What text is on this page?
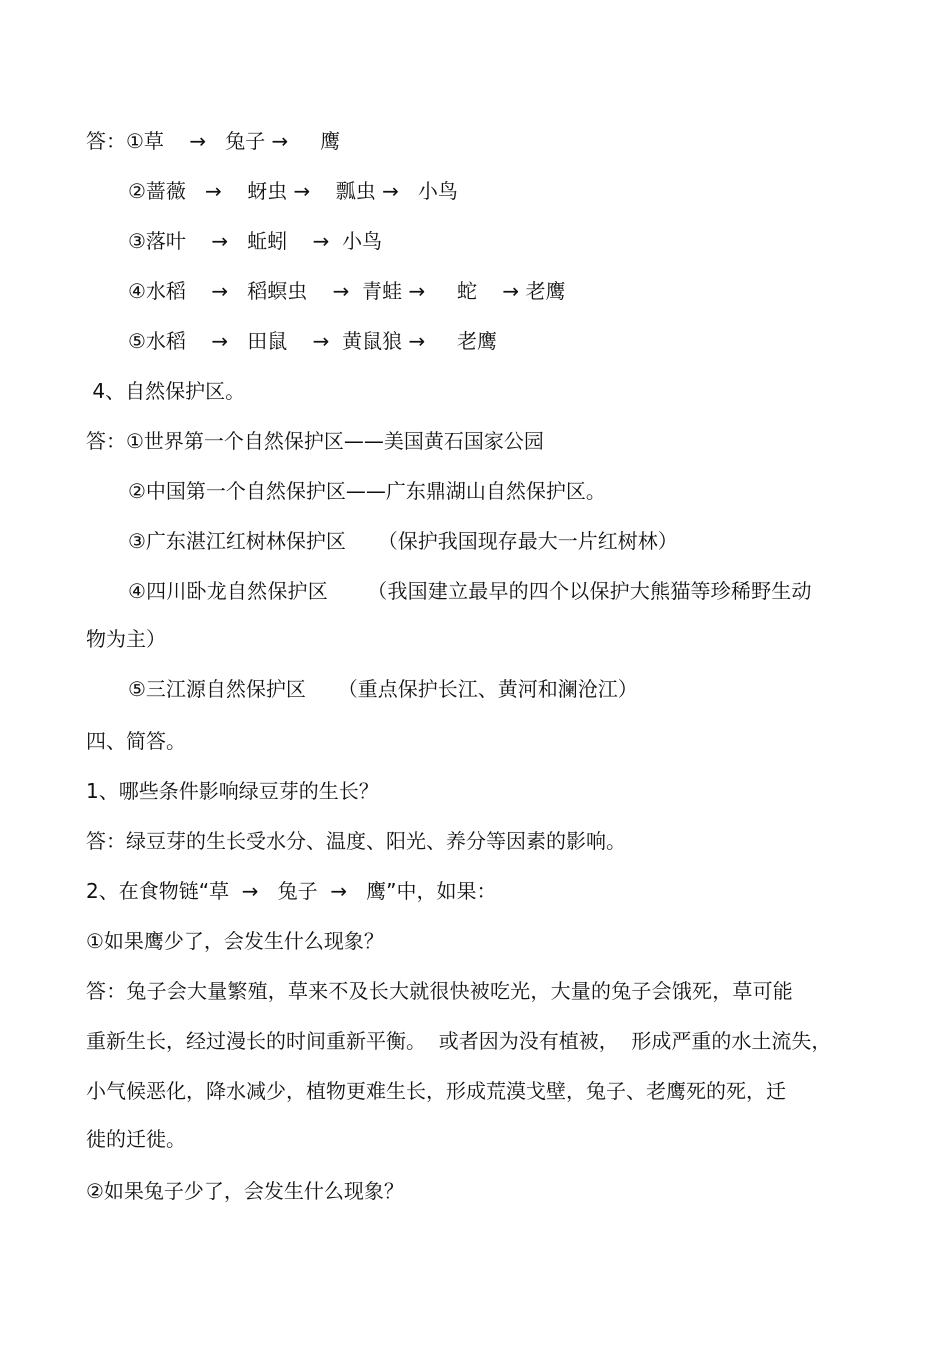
答：①草    →   兔子 →     鹰
②蔷薇   →    蚜虫 →    瓢虫 →   小鸟
③落叶    →   蚯蚓    →  小鸟
④水稻    →   稻螟虫    →  青蛙 →     蛇    → 老鹰
⑤水稻    →   田鼠    →  黄鼠狼 →     老鹰
4、自然保护区。
答：①世界第一个自然保护区——美国黄石国家公园
②中国第一个自然保护区——广东鼎湖山自然保护区。
③广东湛江红树林保护区     （保护我国现存最大一片红树林）
④四川卧龙自然保护区      （我国建立最早的四个以保护大熊猫等珍稀野生动
物为主）
⑤三江源自然保护区     （重点保护长江、黄河和澜沧江）
四、简答。
1、哪些条件影响绿豆芽的生长？
答：绿豆芽的生长受水分、温度、阳光、养分等因素的影响。
2、在食物链“草  →   兔子  →   鹰”中，如果：
①如果鹰少了，会发生什么现象？
答：兔子会大量繁殖，草来不及长大就很快被吃光，大量的兔子会饿死，草可能
重新生长，经过漫长的时间重新平衡。  或者因为没有植被，  形成严重的水土流失，
小气候恶化，降水减少，植物更难生长，形成荒漠戈壁，兔子、老鹰死的死，迁
徙的迁徙。
②如果兔子少了，会发生什么现象？
